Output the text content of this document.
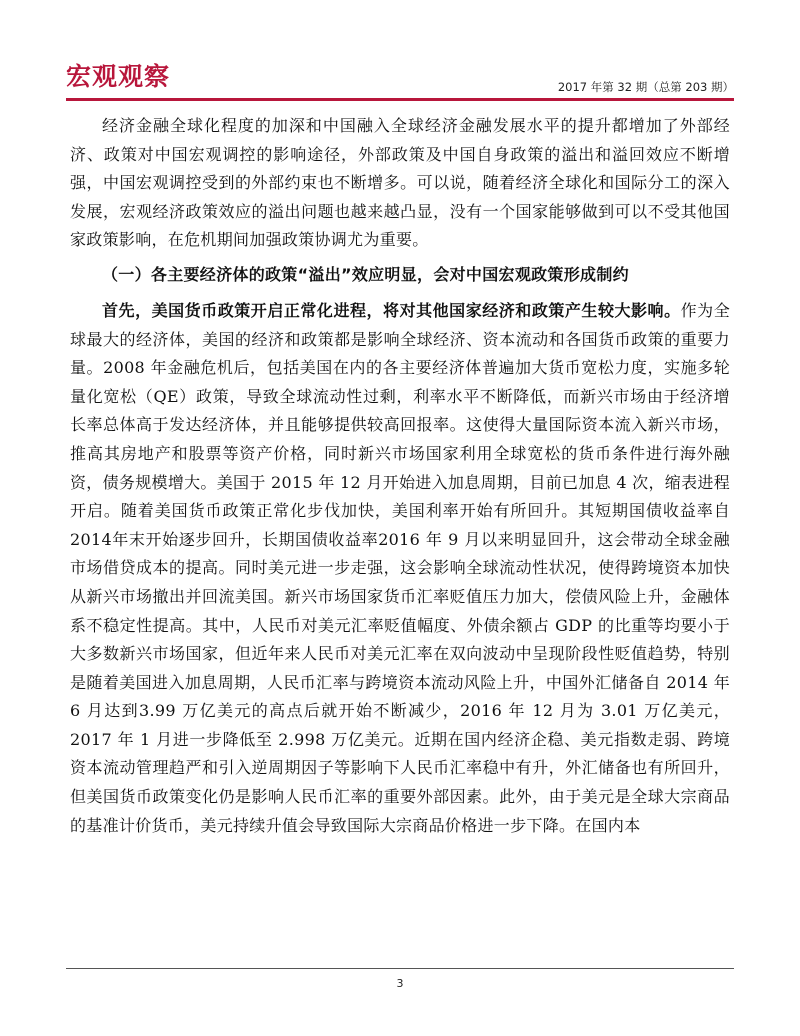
宏观观察	2017 年第 32 期（总第 203 期）

经济金融全球化程度的加深和中国融入全球经济金融发展水平的提升都增加了外部经济、政策对中国宏观调控的影响途径，外部政策及中国自身政策的溢出和溢回效应不断增强，中国宏观调控受到的外部约束也不断增多。可以说，随着经济全球化和国际分工的深入发展，宏观经济政策效应的溢出问题也越来越凸显，没有一个国家能够做到可以不受其他国家政策影响，在危机期间加强政策协调尤为重要。

（一）各主要经济体的政策“溢出”效应明显，会对中国宏观政策形成制约

首先，美国货币政策开启正常化进程，将对其他国家经济和政策产生较大影响。作为全球最大的经济体，美国的经济和政策都是影响全球经济、资本流动和各国货币政策的重要力量。2008 年金融危机后，包括美国在内的各主要经济体普遍加大货币宽松力度，实施多轮量化宽松（QE）政策，导致全球流动性过剩，利率水平不断降低，而新兴市场由于经济增长率总体高于发达经济体，并且能够提供较高回报率。这使得大量国际资本流入新兴市场，推高其房地产和股票等资产价格，同时新兴市场国家利用全球宽松的货币条件进行海外融资，债务规模增大。美国于 2015 年 12 月开始进入加息周期，目前已加息 4 次，缩表进程开启。随着美国货币政策正常化步伐加快，美国利率开始有所回升。其短期国债收益率自2014年末开始逐步回升，长期国债收益率2016 年 9 月以来明显回升，这会带动全球金融市场借贷成本的提高。同时美元进一步走强，这会影响全球流动性状况，使得跨境资本加快从新兴市场撤出并回流美国。新兴市场国家货币汇率贬值压力加大，偿债风险上升，金融体系不稳定性提高。其中，人民币对美元汇率贬值幅度、外债余额占 GDP 的比重等均要小于大多数新兴市场国家，但近年来人民币对美元汇率在双向波动中呈现阶段性贬值趋势，特别是随着美国进入加息周期，人民币汇率与跨境资本流动风险上升，中国外汇储备自 2014 年 6 月达到3.99 万亿美元的高点后就开始不断减少，2016 年 12 月为 3.01 万亿美元，2017 年 1 月进一步降低至 2.998 万亿美元。近期在国内经济企稳、美元指数走弱、跨境资本流动管理趋严和引入逆周期因子等影响下人民币汇率稳中有升，外汇储备也有所回升，但美国货币政策变化仍是影响人民币汇率的重要外部因素。此外，由于美元是全球大宗商品的基准计价货币，美元持续升值会导致国际大宗商品价格进一步下降。在国内本

3
